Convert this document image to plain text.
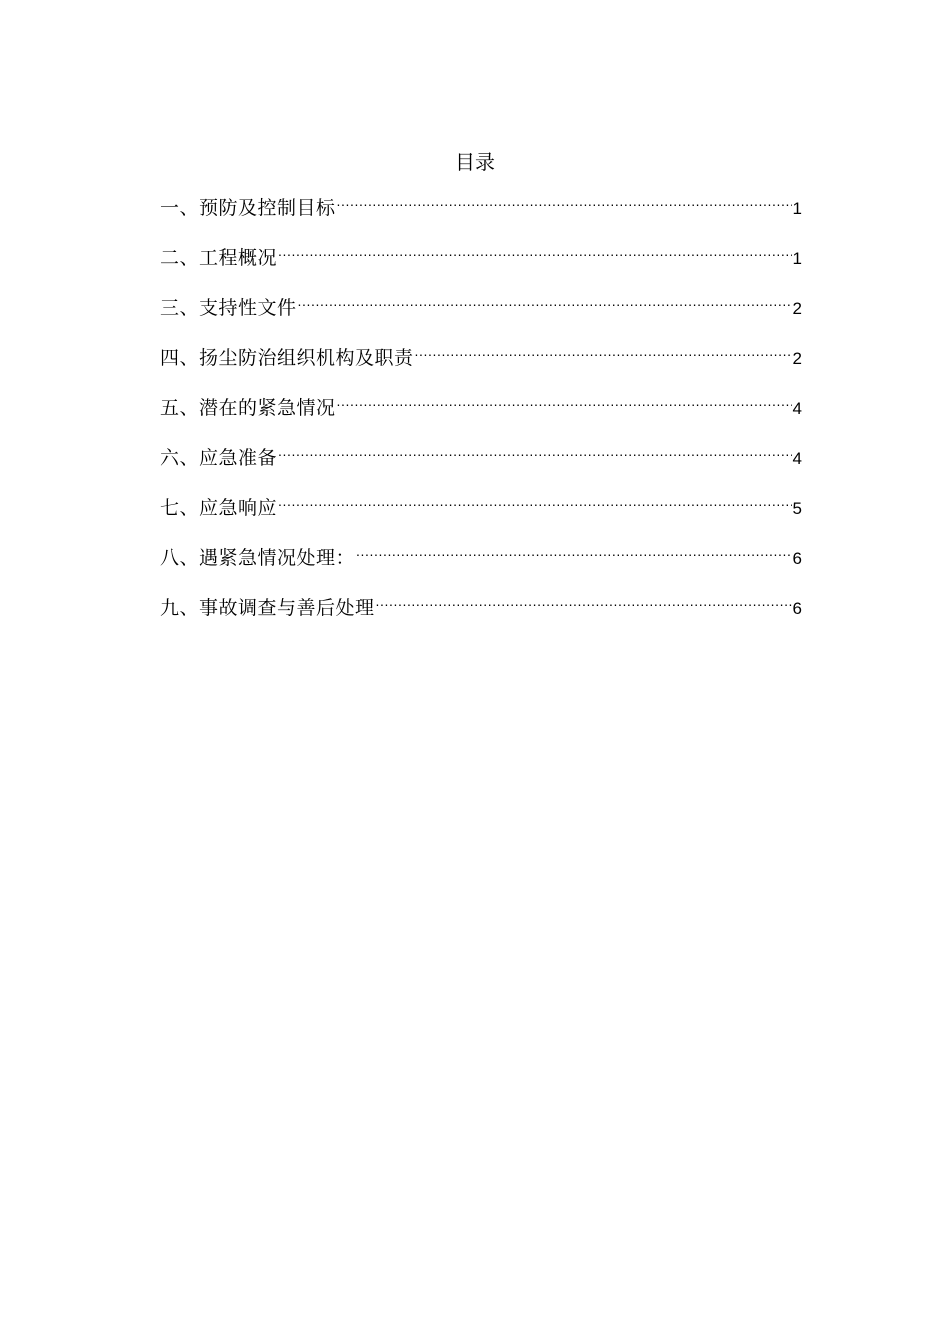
目录
一、预防及控制目标 .....	1
二、工程概况 .....	1
三、支持性文件 .....	2
四、扬尘防治组织机构及职责 .....	2
五、潜在的紧急情况 .....	4
六、应急准备 .....	4
七、应急响应 .....	5
八、遇紧急情况处理： .....	6
九、事故调查与善后处理 .....	6
